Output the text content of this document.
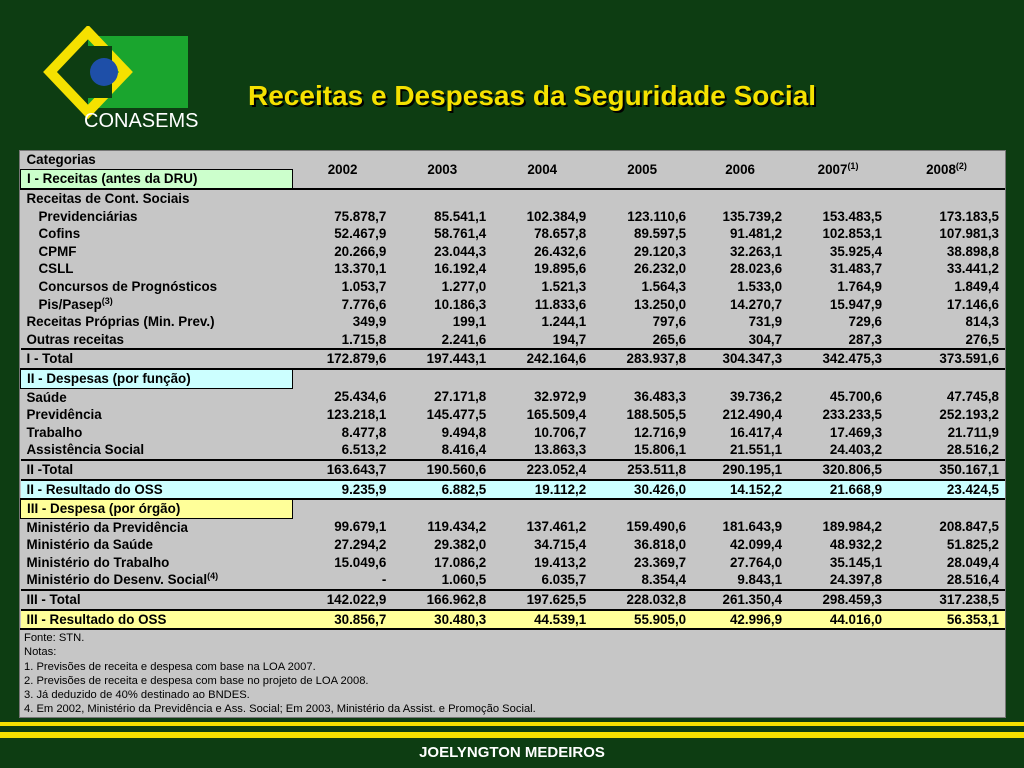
CONASEMS
Receitas e Despesas da Seguridade Social
Categorias	2002	2003	2004	2005	2006	2007$^{(1)}$	2008$^{(2)}$
I - Receitas (antes da DRU)							
Receitas de Cont. Sociais							
Previdenciárias	75.878,7	85.541,1	102.384,9	123.110,6	135.739,2	153.483,5	173.183,5
Cofins	52.467,9	58.761,4	78.657,8	89.597,5	91.481,2	102.853,1	107.981,3
CPMF	20.266,9	23.044,3	26.432,6	29.120,3	32.263,1	35.925,4	38.898,8
CSLL	13.370,1	16.192,4	19.895,6	26.232,0	28.023,6	31.483,7	33.441,2
Concursos de Prognósticos	1.053,7	1.277,0	1.521,3	1.564,3	1.533,0	1.764,9	1.849,4
Pis/Pasep$^{(3)}$	7.776,6	10.186,3	11.833,6	13.250,0	14.270,7	15.947,9	17.146,6
Receitas Próprias (Min. Prev.)	349,9	199,1	1.244,1	797,6	731,9	729,6	814,3
Outras receitas	1.715,8	2.241,6	194,7	265,6	304,7	287,3	276,5
I - Total	172.879,6	197.443,1	242.164,6	283.937,8	304.347,3	342.475,3	373.591,6
II - Despesas (por função)							
Saúde	25.434,6	27.171,8	32.972,9	36.483,3	39.736,2	45.700,6	47.745,8
Previdência	123.218,1	145.477,5	165.509,4	188.505,5	212.490,4	233.233,5	252.193,2
Trabalho	8.477,8	9.494,8	10.706,7	12.716,9	16.417,4	17.469,3	21.711,9
Assistência Social	6.513,2	8.416,4	13.863,3	15.806,1	21.551,1	24.403,2	28.516,2
II -Total	163.643,7	190.560,6	223.052,4	253.511,8	290.195,1	320.806,5	350.167,1
II - Resultado do OSS	9.235,9	6.882,5	19.112,2	30.426,0	14.152,2	21.668,9	23.424,5
III - Despesa (por órgão)							
Ministério da Previdência	99.679,1	119.434,2	137.461,2	159.490,6	181.643,9	189.984,2	208.847,5
Ministério da Saúde	27.294,2	29.382,0	34.715,4	36.818,0	42.099,4	48.932,2	51.825,2
Ministério do Trabalho	15.049,6	17.086,2	19.413,2	23.369,7	27.764,0	35.145,1	28.049,4
Ministério do Desenv. Social$^{(4)}$	-	1.060,5	6.035,7	8.354,4	9.843,1	24.397,8	28.516,4
III - Total	142.022,9	166.962,8	197.625,5	228.032,8	261.350,4	298.459,3	317.238,5
III - Resultado do OSS	30.856,7	30.480,3	44.539,1	55.905,0	42.996,9	44.016,0	56.353,1
Fonte: STN.
Notas:
1. Previsões de receita e despesa com base na LOA 2007.
2. Previsões de receita e despesa com base no projeto de LOA 2008.
3. Já deduzido de 40% destinado ao BNDES.
4. Em 2002, Ministério da Previdência e Ass. Social; Em 2003, Ministério da Assist. e Promoção Social.
JOELYNGTON MEDEIROS
